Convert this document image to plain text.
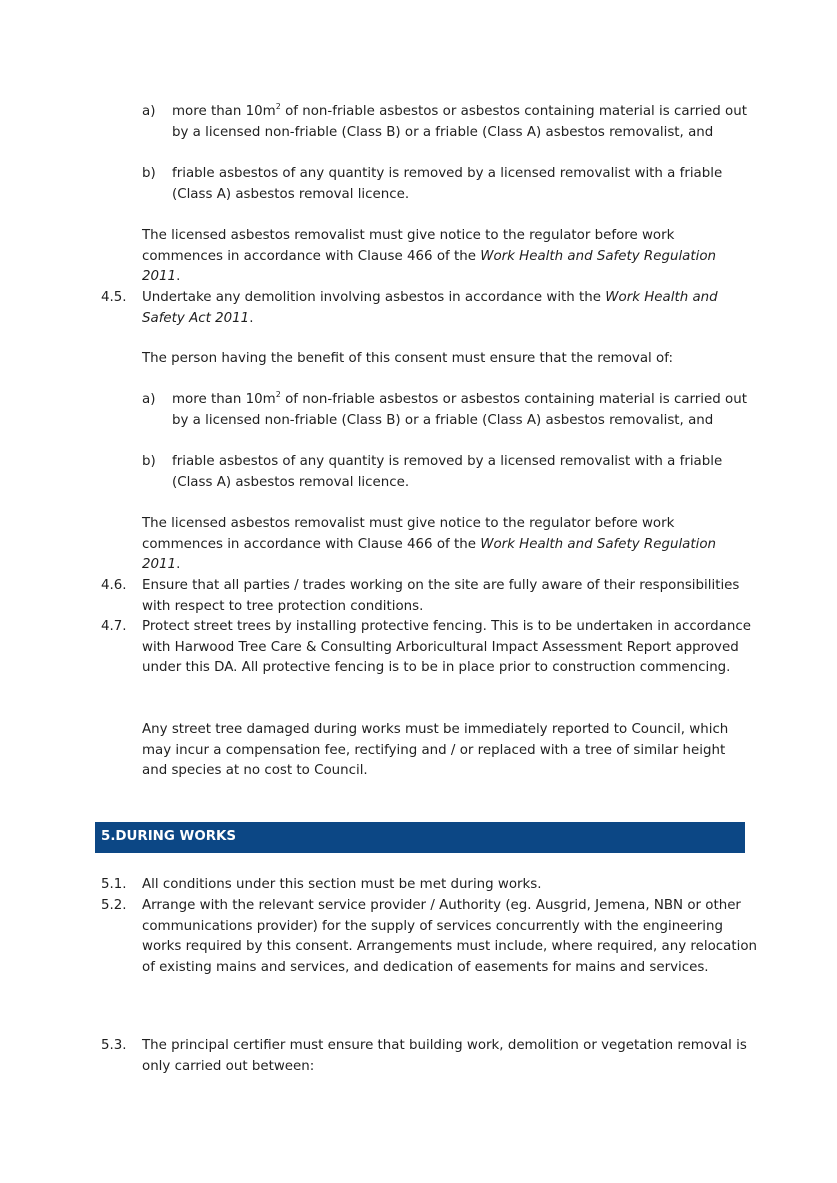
a) more than $10m^2$ of non-friable asbestos or asbestos containing material is carried out by a licensed non-friable (Class B) or a friable (Class A) asbestos removalist, and

b) friable asbestos of any quantity is removed by a licensed removalist with a friable (Class A) asbestos removal licence.

The licensed asbestos removalist must give notice to the regulator before work commences in accordance with Clause 466 of the Work Health and Safety Regulation 2011.

4.5. Undertake any demolition involving asbestos in accordance with the Work Health and Safety Act 2011.

The person having the benefit of this consent must ensure that the removal of:

a) more than $10m^2$ of non-friable asbestos or asbestos containing material is carried out by a licensed non-friable (Class B) or a friable (Class A) asbestos removalist, and

b) friable asbestos of any quantity is removed by a licensed removalist with a friable (Class A) asbestos removal licence.

The licensed asbestos removalist must give notice to the regulator before work commences in accordance with Clause 466 of the Work Health and Safety Regulation 2011.

4.6. Ensure that all parties / trades working on the site are fully aware of their responsibilities with respect to tree protection conditions.

4.7. Protect street trees by installing protective fencing. This is to be undertaken in accordance with Harwood Tree Care & Consulting Arboricultural Impact Assessment Report approved under this DA. All protective fencing is to be in place prior to construction commencing.

Any street tree damaged during works must be immediately reported to Council, which may incur a compensation fee, rectifying and / or replaced with a tree of similar height and species at no cost to Council.

5.DURING WORKS
5.1. All conditions under this section must be met during works.

5.2. Arrange with the relevant service provider / Authority (eg. Ausgrid, Jemena, NBN or other communications provider) for the supply of services concurrently with the engineering works required by this consent. Arrangements must include, where required, any relocation of existing mains and services, and dedication of easements for mains and services.

5.3. The principal certifier must ensure that building work, demolition or vegetation removal is only carried out between:
